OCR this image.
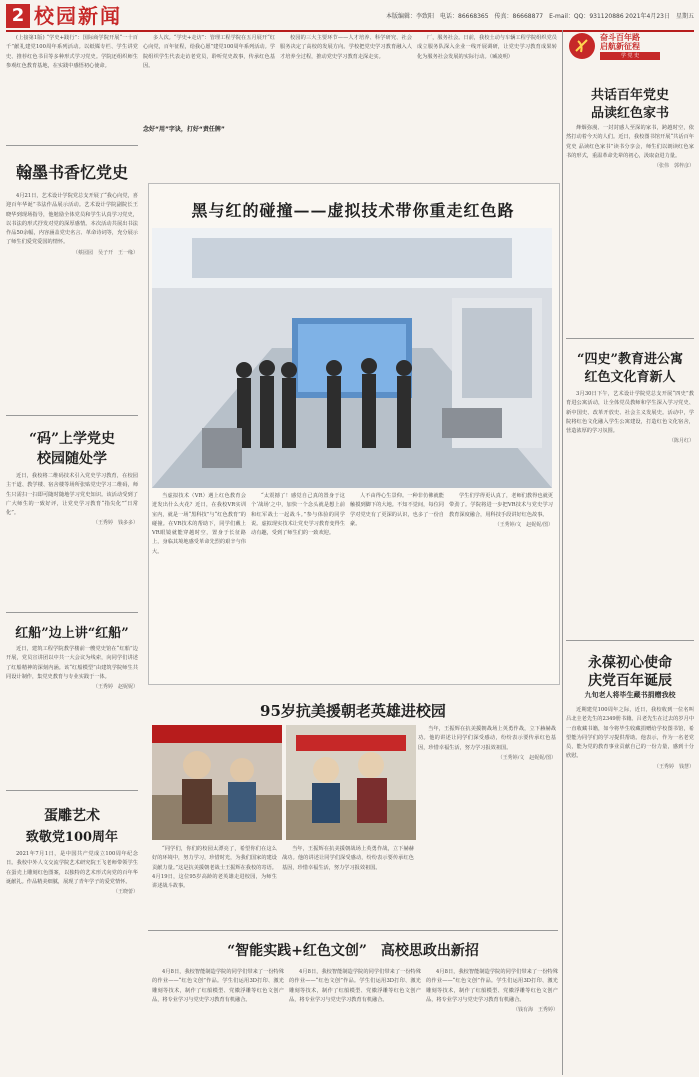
2 校园新闻	本版编辑：李致阳　电话：86668365　传真：86668877　E-mail：QQ：931120886 2021年4月23日　星期五
奋斗百年路
启航新征程
学 党 史

(上接第1版) “学史+践行”：国际商学院开展“一十百千”献礼建党100周年系列活动。以纸媒专栏、学生讲党史、推荐红色书目等多种形式学习党史。学院还组织师生参观红色教育基地，在实践中感悟初心使命。

多人次。“学史+走访”：管理工程学院在五月展开“红心向党，百年征程，给我心愿”建党100周年系列活动。学院组织学生代表走访老党员，聆听党史故事，传承红色基因。

念好“用”字诀，打好“责任牌”

校园的三大主要环节——人才培养、科学研究、社会服务决定了高校的发展方向。学校把党史学习教育融入人才培养全过程，推动党史学习教育走深走实。

厂，服务社会。日前，我校土动与车辆工程学院组织党员成立服务队深入企业一线开展调研，让党史学习教育成果转化为服务社会发展的实际行动。（臧凌明）

翰墨书香忆党史

4月21日，艺术设计学院党总支开展了“我心向党，喜迎百年华诞”书法作品展示活动。艺术设计学院副院长王晓华到现场指导，他勉励全体党员和学生认真学习党史，以书法的形式抒发对党的深厚感情。本次活动共展出书法作品50余幅，内容涵盖党史名言、革命诗词等，充分展示了师生们爱党爱国的情怀。

（蔡园园　吴子开　王一缘）
“码”上学党史
校园随处学

近日，我校将二维码技术引入党史学习教育，在校园主干道、教学楼、宿舍楼等场所张贴党史学习二维码，师生只需扫一扫即可随时随地学习党史知识。该活动受到了广大师生的一致好评，让党史学习教育“指尖化”“日常化”。

（王秀婷　钱多多）
红船”边上讲“红船”

近日，建筑工程学院教学楼前一艘党史馆在“红船”边开展，党员宣讲团以中共一大会议为线索，向同学们讲述了红船精神的深刻内涵。该“红船模型”由建筑学院师生共同设计制作，集党史教育与专业实践于一体。

（王秀婷　赵妮妮）
蛋雕艺术
致敬党100周年

2021年7月1日，是中国共产党成立100周年纪念日。我校中外人文交流学院艺术研究院王飞老师带领学生在蛋壳上雕刻红色图案，以独特的艺术形式向党的百年华诞献礼。作品精美细腻，展现了青年学子的爱党情怀。

（王晓蕾）
黑与红的碰撞——虚拟技术带你重走红色路

当虚拟技术（VR）遇上红色教育会迸发出什么火花？近日，在我校VR实训室内，就是一场“黑科技”与“红色教育”的碰撞。在VR技术的帮助下，同学们戴上VR眼镜就能穿越时空，置身于长征路上，身临其境地感受革命先烈的艰辛与伟大。

“太震撼了！感觉自己真的置身于这个‘战场’之中，加快一个念头就是想上前和红军战士一起战斗。”参与体验的同学说。虚拟现实技术让党史学习教育变得生动有趣，受到了师生们的一致欢迎。

人不由得心生景仰。一种非仿佛就能触摸到脚下的大地。不知不觉间，每位同学对党史有了更深的认识，也多了一份自豪。

学生们学得更认真了，老师们教得也就更带劲了。学院将进一步把VR技术与党史学习教育深度融合，用科技手段讲好红色故事。

（王秀婷/文　赵妮妮/图）
95岁抗美援朝老英雄进校园

当年，王振辉在抗美援朝战场上英勇作战，立下赫赫战功。他的讲述让同学们深受感动，纷纷表示要传承红色基因，珍惜幸福生活，努力学习报效祖国。

（王秀婷/文　赵妮妮/图）

“同学们，你们的校园太漂亮了，希望你们在这么好的环境中，努力学习，珍惜时光，为我们国家的建设贡献力量。”这是抗美援朝老战士王振辉在我校的寄语。4月19日，这位95岁高龄的老英雄走进校园，为师生讲述战斗故事。

当年，王振辉在抗美援朝战场上英勇作战，立下赫赫战功。他的讲述让同学们深受感动，纷纷表示要传承红色基因，珍惜幸福生活，努力学习报效祖国。

“智能实践+红色文创”　高校思政出新招

4月8日，我校智能制造学院的同学们带来了一份特殊的作业——“红色文创”作品。学生们运用3D打印、激光雕刻等技术，制作了红船模型、党徽浮雕等红色文创产品，将专业学习与党史学习教育有机融合。

4月8日，我校智能制造学院的同学们带来了一份特殊的作业——“红色文创”作品。学生们运用3D打印、激光雕刻等技术，制作了红船模型、党徽浮雕等红色文创产品，将专业学习与党史学习教育有机融合。

4月8日，我校智能制造学院的同学们带来了一份特殊的作业——“红色文创”作品。学生们运用3D打印、激光雕刻等技术，制作了红船模型、党徽浮雕等红色文创产品，将专业学习与党史学习教育有机融合。

（钱有海　王秀婷）
共话百年党史
品读红色家书

烽烟弥漫、一封封感人至深的家书，跨越时空，依然打动着今天的人们。近日，我校图书馆开展“共话百年党史 品读红色家书”读书分享会，师生们以朗读红色家书的形式，重温革命先辈的初心，汲取奋进力量。

（张伟　郭梓彦）
“四史”教育进公寓
红色文化育新人

3月30日下午，艺术设计学院党总支开展“四史”教育进公寓活动，让全体党员教师和学生深入学习党史、新中国史、改革开放史、社会主义发展史。活动中，学院将红色文化融入学生公寓建设，打造红色文化宿舍，营造浓厚的学习氛围。

（陈月红）
永葆初心使命
庆党百年诞辰
九旬老人将毕生藏书捐赠我校

近期建党100周年之际，近日，我校收到一位名叫吕北圭老先生的2349册书籍。吕老先生在过去的岁月中一直收藏书籍，如今将毕生收藏捐赠给学校图书馆，希望能为同学们的学习提供帮助。他表示，作为一名老党员，能为党的教育事业贡献自己的一份力量，感到十分欣慰。

（王秀婷　钱慧）
